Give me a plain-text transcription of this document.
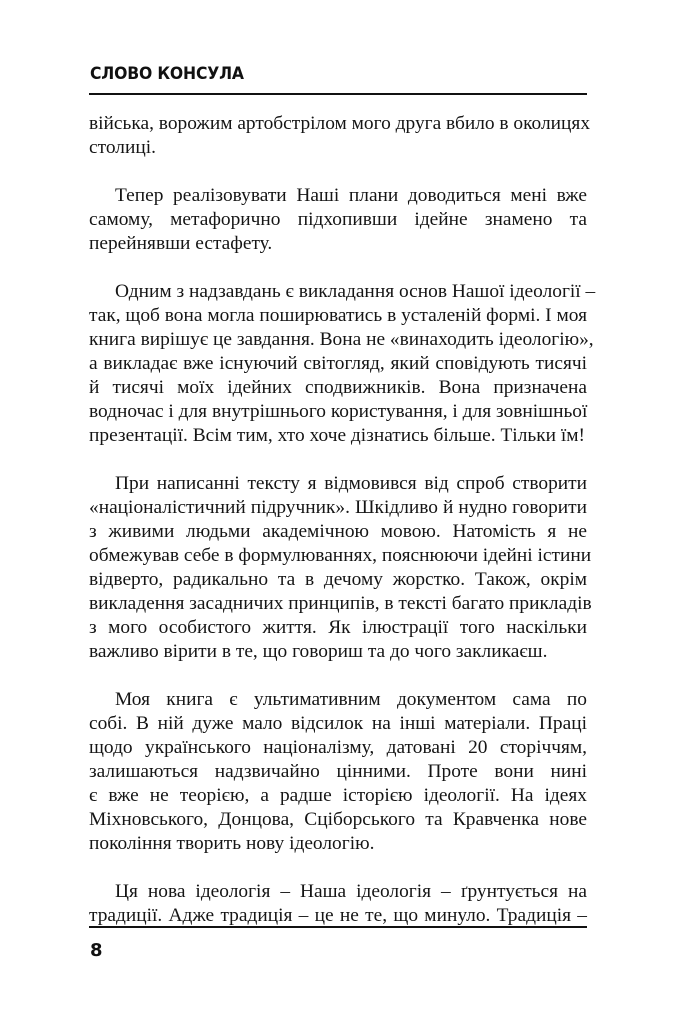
СЛОВО КОНСУЛА

війська, ворожим артобстрілом мого друга вбило в околицях
столиці.

Тепер реалізовувати Наші плани доводиться мені вже
самому, метафорично підхопивши ідейне знамено та
перейнявши естафету.

Одним з надзавдань є викладання основ Нашої ідеології –
так, щоб вона могла поширюватись в усталеній формі. І моя
книга вирішує це завдання. Вона не «винаходить ідеологію»,
а викладає вже існуючий світогляд, який сповідують тисячі
й тисячі моїх ідейних сподвижників. Вона призначена
водночас і для внутрішнього користування, і для зовнішньої
презентації. Всім тим, хто хоче дізнатись більше. Тільки їм!

При написанні тексту я відмовився від спроб створити
«націоналістичний підручник». Шкідливо й нудно говорити
з живими людьми академічною мовою. Натомість я не
обмежував себе в формулюваннях, пояснюючи ідейні істини
відверто, радикально та в дечому жорстко. Також, окрім
викладення засадничих принципів, в тексті багато прикладів
з мого особистого життя. Як ілюстрації того наскільки
важливо вірити в те, що говориш та до чого закликаєш.

Моя книга є ультимативним документом сама по
собі. В ній дуже мало відсилок на інші матеріали. Праці
щодо українського націоналізму, датовані 20 сторіччям,
залишаються надзвичайно цінними. Проте вони нині
є вже не теорією, а радше історією ідеології. На ідеях
Міхновського, Донцова, Сціборського та Кравченка нове
покоління творить нову ідеологію.

Ця нова ідеологія – Наша ідеологія – ґрунтується на
традиції. Адже традиція – це не те, що минуло. Традиція –

8
